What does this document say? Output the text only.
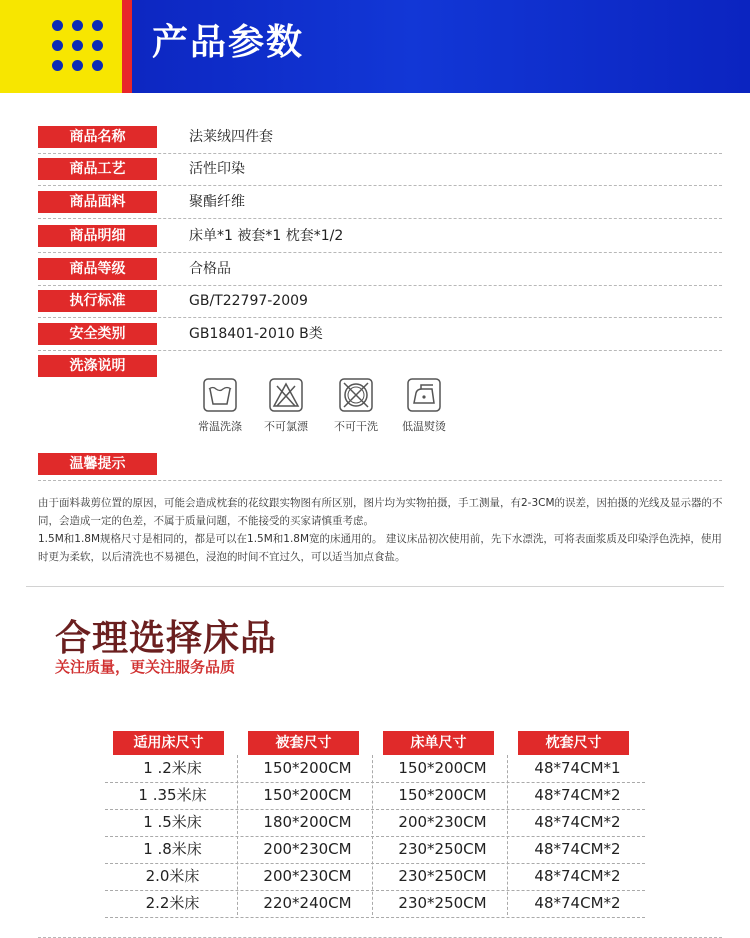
产品参数
商品名称	法莱绒四件套
商品工艺	活性印染
商品面料	聚酯纤维
商品明细	床单*1 被套*1 枕套*1/2
商品等级	合格品
执行标准	GB/T22797-2009
安全类别	GB18401-2010 B类
洗涤说明
常温洗涤	不可氯漂	不可干洗	低温熨烫
温馨提示
由于面料裁剪位置的原因，可能会造成枕套的花纹跟实物图有所区别，图片均为实物拍摄，手工测量，有2-3CM的误差，因拍摄的光线及显示器的不同，会造成一定的色差，不属于质量问题，不能接受的买家请慎重考虑。
1.5M和1.8M规格尺寸是相同的，都是可以在1.5M和1.8M宽的床通用的。 建议床品初次使用前，先下水漂洗，可将表面浆质及印染浮色洗掉，使用时更为柔软，以后清洗也不易褪色，浸泡的时间不宜过久，可以适当加点食盐。
合理选择床品
关注质量，更关注服务品质
适用床尺寸	被套尺寸	床单尺寸	枕套尺寸
1 .2米床	150*200CM	150*200CM	48*74CM*1
1 .35米床	150*200CM	150*200CM	48*74CM*2
1 .5米床	180*200CM	200*230CM	48*74CM*2
1 .8米床	200*230CM	230*250CM	48*74CM*2
2.0米床	200*230CM	230*250CM	48*74CM*2
2.2米床	220*240CM	230*250CM	48*74CM*2
